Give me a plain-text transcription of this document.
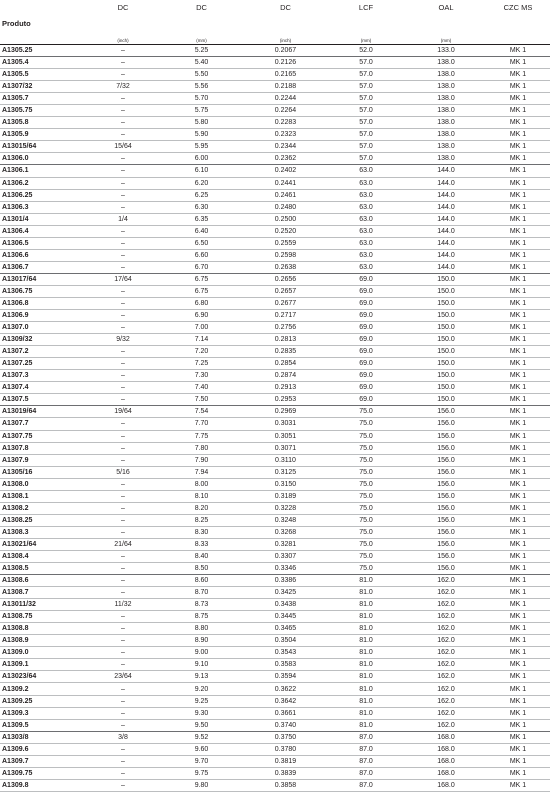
Produto	DC	DC	DC	LCF	OAL	CZC MS
	(inch)	(mm)	(inch)	(mm)	(mm)	
A1305.25	–	5.25	0.2067	52.0	133.0	MK 1
A1305.4	–	5.40	0.2126	57.0	138.0	MK 1
A1305.5	–	5.50	0.2165	57.0	138.0	MK 1
A1307/32	7/32	5.56	0.2188	57.0	138.0	MK 1
A1305.7	–	5.70	0.2244	57.0	138.0	MK 1
A1305.75	–	5.75	0.2264	57.0	138.0	MK 1
A1305.8	–	5.80	0.2283	57.0	138.0	MK 1
A1305.9	–	5.90	0.2323	57.0	138.0	MK 1
A13015/64	15/64	5.95	0.2344	57.0	138.0	MK 1
A1306.0	–	6.00	0.2362	57.0	138.0	MK 1
A1306.1	–	6.10	0.2402	63.0	144.0	MK 1
A1306.2	–	6.20	0.2441	63.0	144.0	MK 1
A1306.25	–	6.25	0.2461	63.0	144.0	MK 1
A1306.3	–	6.30	0.2480	63.0	144.0	MK 1
A1301/4	1/4	6.35	0.2500	63.0	144.0	MK 1
A1306.4	–	6.40	0.2520	63.0	144.0	MK 1
A1306.5	–	6.50	0.2559	63.0	144.0	MK 1
A1306.6	–	6.60	0.2598	63.0	144.0	MK 1
A1306.7	–	6.70	0.2638	63.0	144.0	MK 1
A13017/64	17/64	6.75	0.2656	69.0	150.0	MK 1
A1306.75	–	6.75	0.2657	69.0	150.0	MK 1
A1306.8	–	6.80	0.2677	69.0	150.0	MK 1
A1306.9	–	6.90	0.2717	69.0	150.0	MK 1
A1307.0	–	7.00	0.2756	69.0	150.0	MK 1
A1309/32	9/32	7.14	0.2813	69.0	150.0	MK 1
A1307.2	–	7.20	0.2835	69.0	150.0	MK 1
A1307.25	–	7.25	0.2854	69.0	150.0	MK 1
A1307.3	–	7.30	0.2874	69.0	150.0	MK 1
A1307.4	–	7.40	0.2913	69.0	150.0	MK 1
A1307.5	–	7.50	0.2953	69.0	150.0	MK 1
A13019/64	19/64	7.54	0.2969	75.0	156.0	MK 1
A1307.7	–	7.70	0.3031	75.0	156.0	MK 1
A1307.75	–	7.75	0.3051	75.0	156.0	MK 1
A1307.8	–	7.80	0.3071	75.0	156.0	MK 1
A1307.9	–	7.90	0.3110	75.0	156.0	MK 1
A1305/16	5/16	7.94	0.3125	75.0	156.0	MK 1
A1308.0	–	8.00	0.3150	75.0	156.0	MK 1
A1308.1	–	8.10	0.3189	75.0	156.0	MK 1
A1308.2	–	8.20	0.3228	75.0	156.0	MK 1
A1308.25	–	8.25	0.3248	75.0	156.0	MK 1
A1308.3	–	8.30	0.3268	75.0	156.0	MK 1
A13021/64	21/64	8.33	0.3281	75.0	156.0	MK 1
A1308.4	–	8.40	0.3307	75.0	156.0	MK 1
A1308.5	–	8.50	0.3346	75.0	156.0	MK 1
A1308.6	–	8.60	0.3386	81.0	162.0	MK 1
A1308.7	–	8.70	0.3425	81.0	162.0	MK 1
A13011/32	11/32	8.73	0.3438	81.0	162.0	MK 1
A1308.75	–	8.75	0.3445	81.0	162.0	MK 1
A1308.8	–	8.80	0.3465	81.0	162.0	MK 1
A1308.9	–	8.90	0.3504	81.0	162.0	MK 1
A1309.0	–	9.00	0.3543	81.0	162.0	MK 1
A1309.1	–	9.10	0.3583	81.0	162.0	MK 1
A13023/64	23/64	9.13	0.3594	81.0	162.0	MK 1
A1309.2	–	9.20	0.3622	81.0	162.0	MK 1
A1309.25	–	9.25	0.3642	81.0	162.0	MK 1
A1309.3	–	9.30	0.3661	81.0	162.0	MK 1
A1309.5	–	9.50	0.3740	81.0	162.0	MK 1
A1303/8	3/8	9.52	0.3750	87.0	168.0	MK 1
A1309.6	–	9.60	0.3780	87.0	168.0	MK 1
A1309.7	–	9.70	0.3819	87.0	168.0	MK 1
A1309.75	–	9.75	0.3839	87.0	168.0	MK 1
A1309.8	–	9.80	0.3858	87.0	168.0	MK 1
